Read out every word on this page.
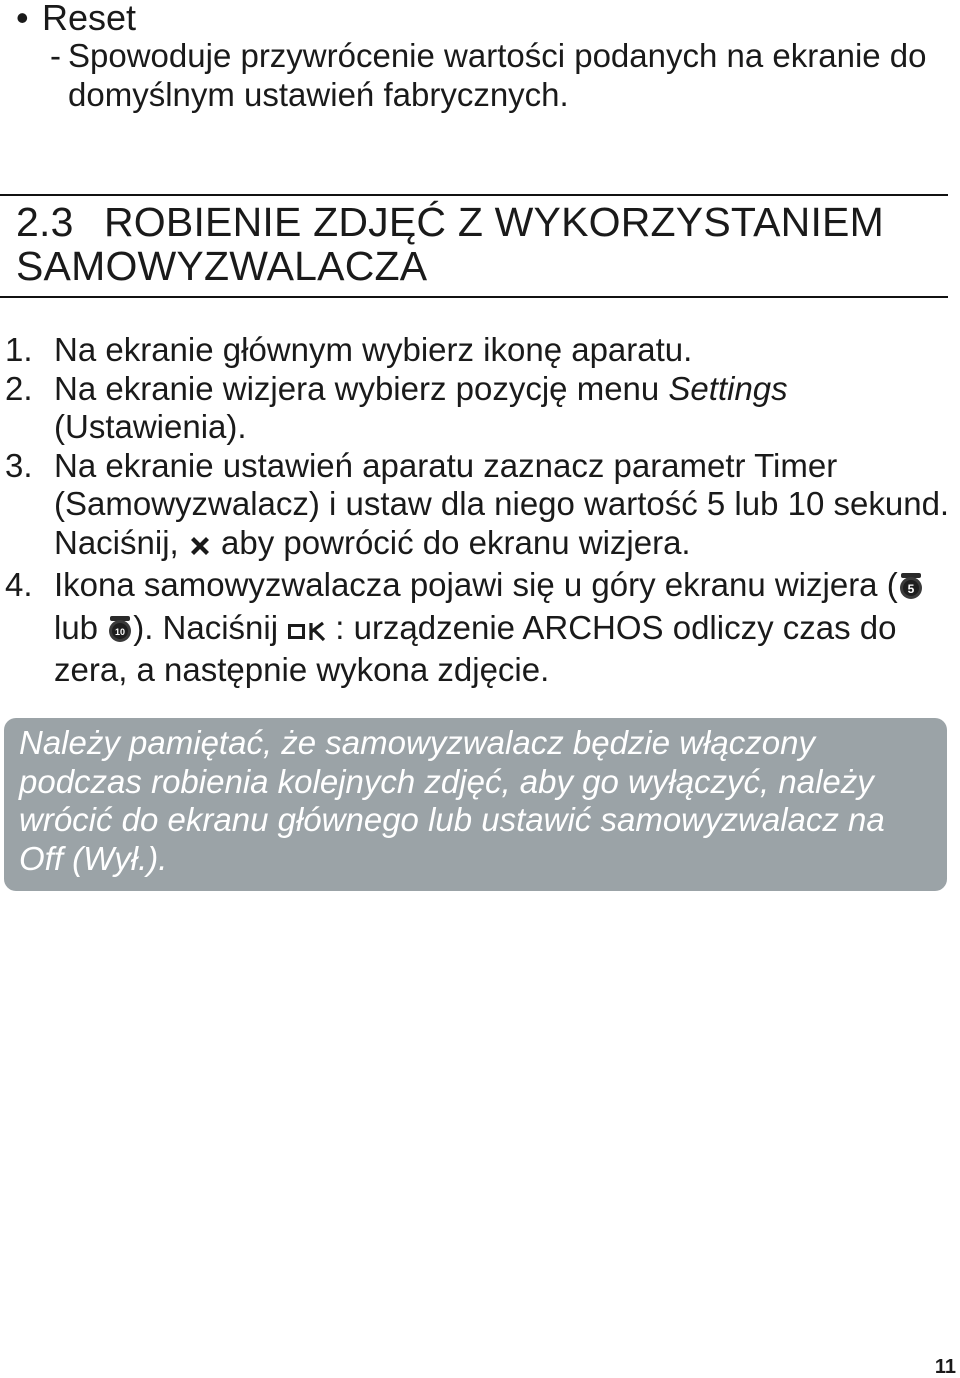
• Reset
- Spowoduje przywrócenie wartości podanych na ekranie do domyślnym ustawień fabrycznych.
2.3 ROBIENIE ZDJĘĆ Z WYKORZYSTANIEM
SAMOWYZWALACZA
1. Na ekranie głównym wybierz ikonę aparatu.
2. Na ekranie wizjera wybierz pozycję menu Settings (Ustawienia).
3. Na ekranie ustawień aparatu zaznacz parametr Timer (Samowyzwalacz) i ustaw dla niego wartość 5 lub 10 sekund. Naciśnij,  aby powrócić do ekranu wizjera.
4. Ikona samowyzwalacza pojawi się u góry ekranu wizjera ( 5
lub 10 ). Naciśnij : urządzenie ARCHOS odliczy czas do zera, a następnie wykona zdjęcie.
Należy pamiętać, że samowyzwalacz będzie włączony podczas robienia kolejnych zdjęć, aby go wyłączyć, należy wrócić do ekranu głównego lub ustawić samowyzwalacz na Off (Wył.).
11
